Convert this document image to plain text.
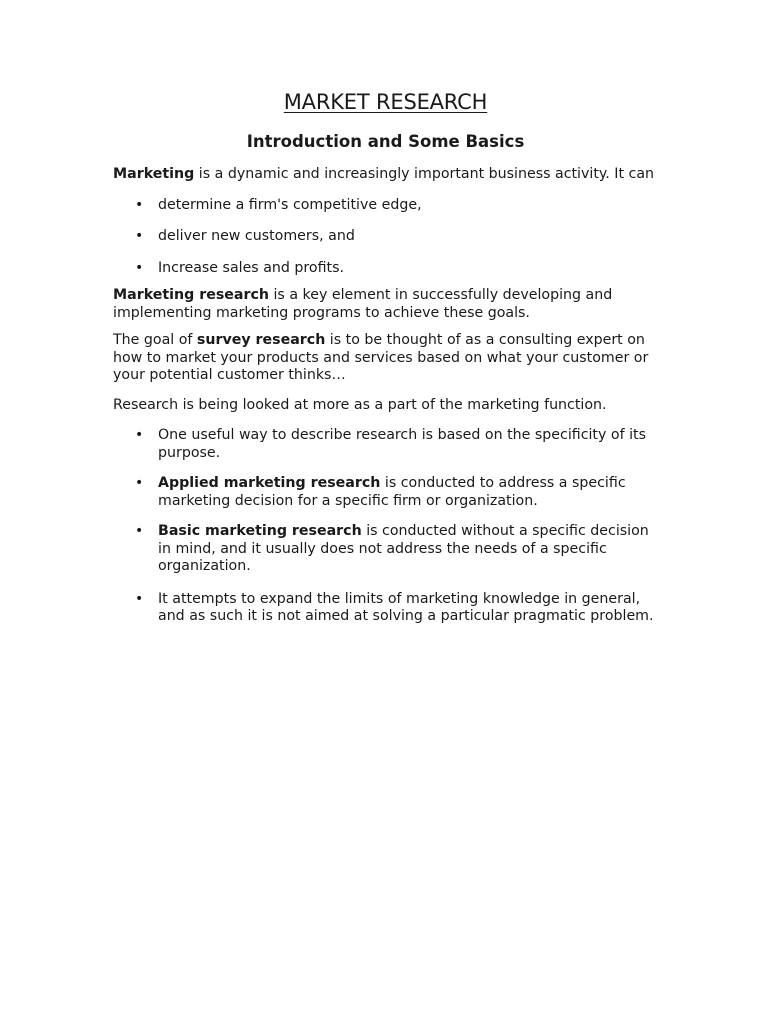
MARKET RESEARCH
Introduction and Some Basics

Marketing is a dynamic and increasingly important business activity. It can

• determine a firm's competitive edge,
• deliver new customers, and
• Increase sales and profits.

Marketing research is a key element in successfully developing and implementing marketing programs to achieve these goals.

The goal of survey research is to be thought of as a consulting expert on how to market your products and services based on what your customer or your potential customer thinks…

Research is being looked at more as a part of the marketing function.

• One useful way to describe research is based on the specificity of its purpose.
• Applied marketing research is conducted to address a specific marketing decision for a specific firm or organization.
• Basic marketing research is conducted without a specific decision in mind, and it usually does not address the needs of a specific organization.
• It attempts to expand the limits of marketing knowledge in general, and as such it is not aimed at solving a particular pragmatic problem.
